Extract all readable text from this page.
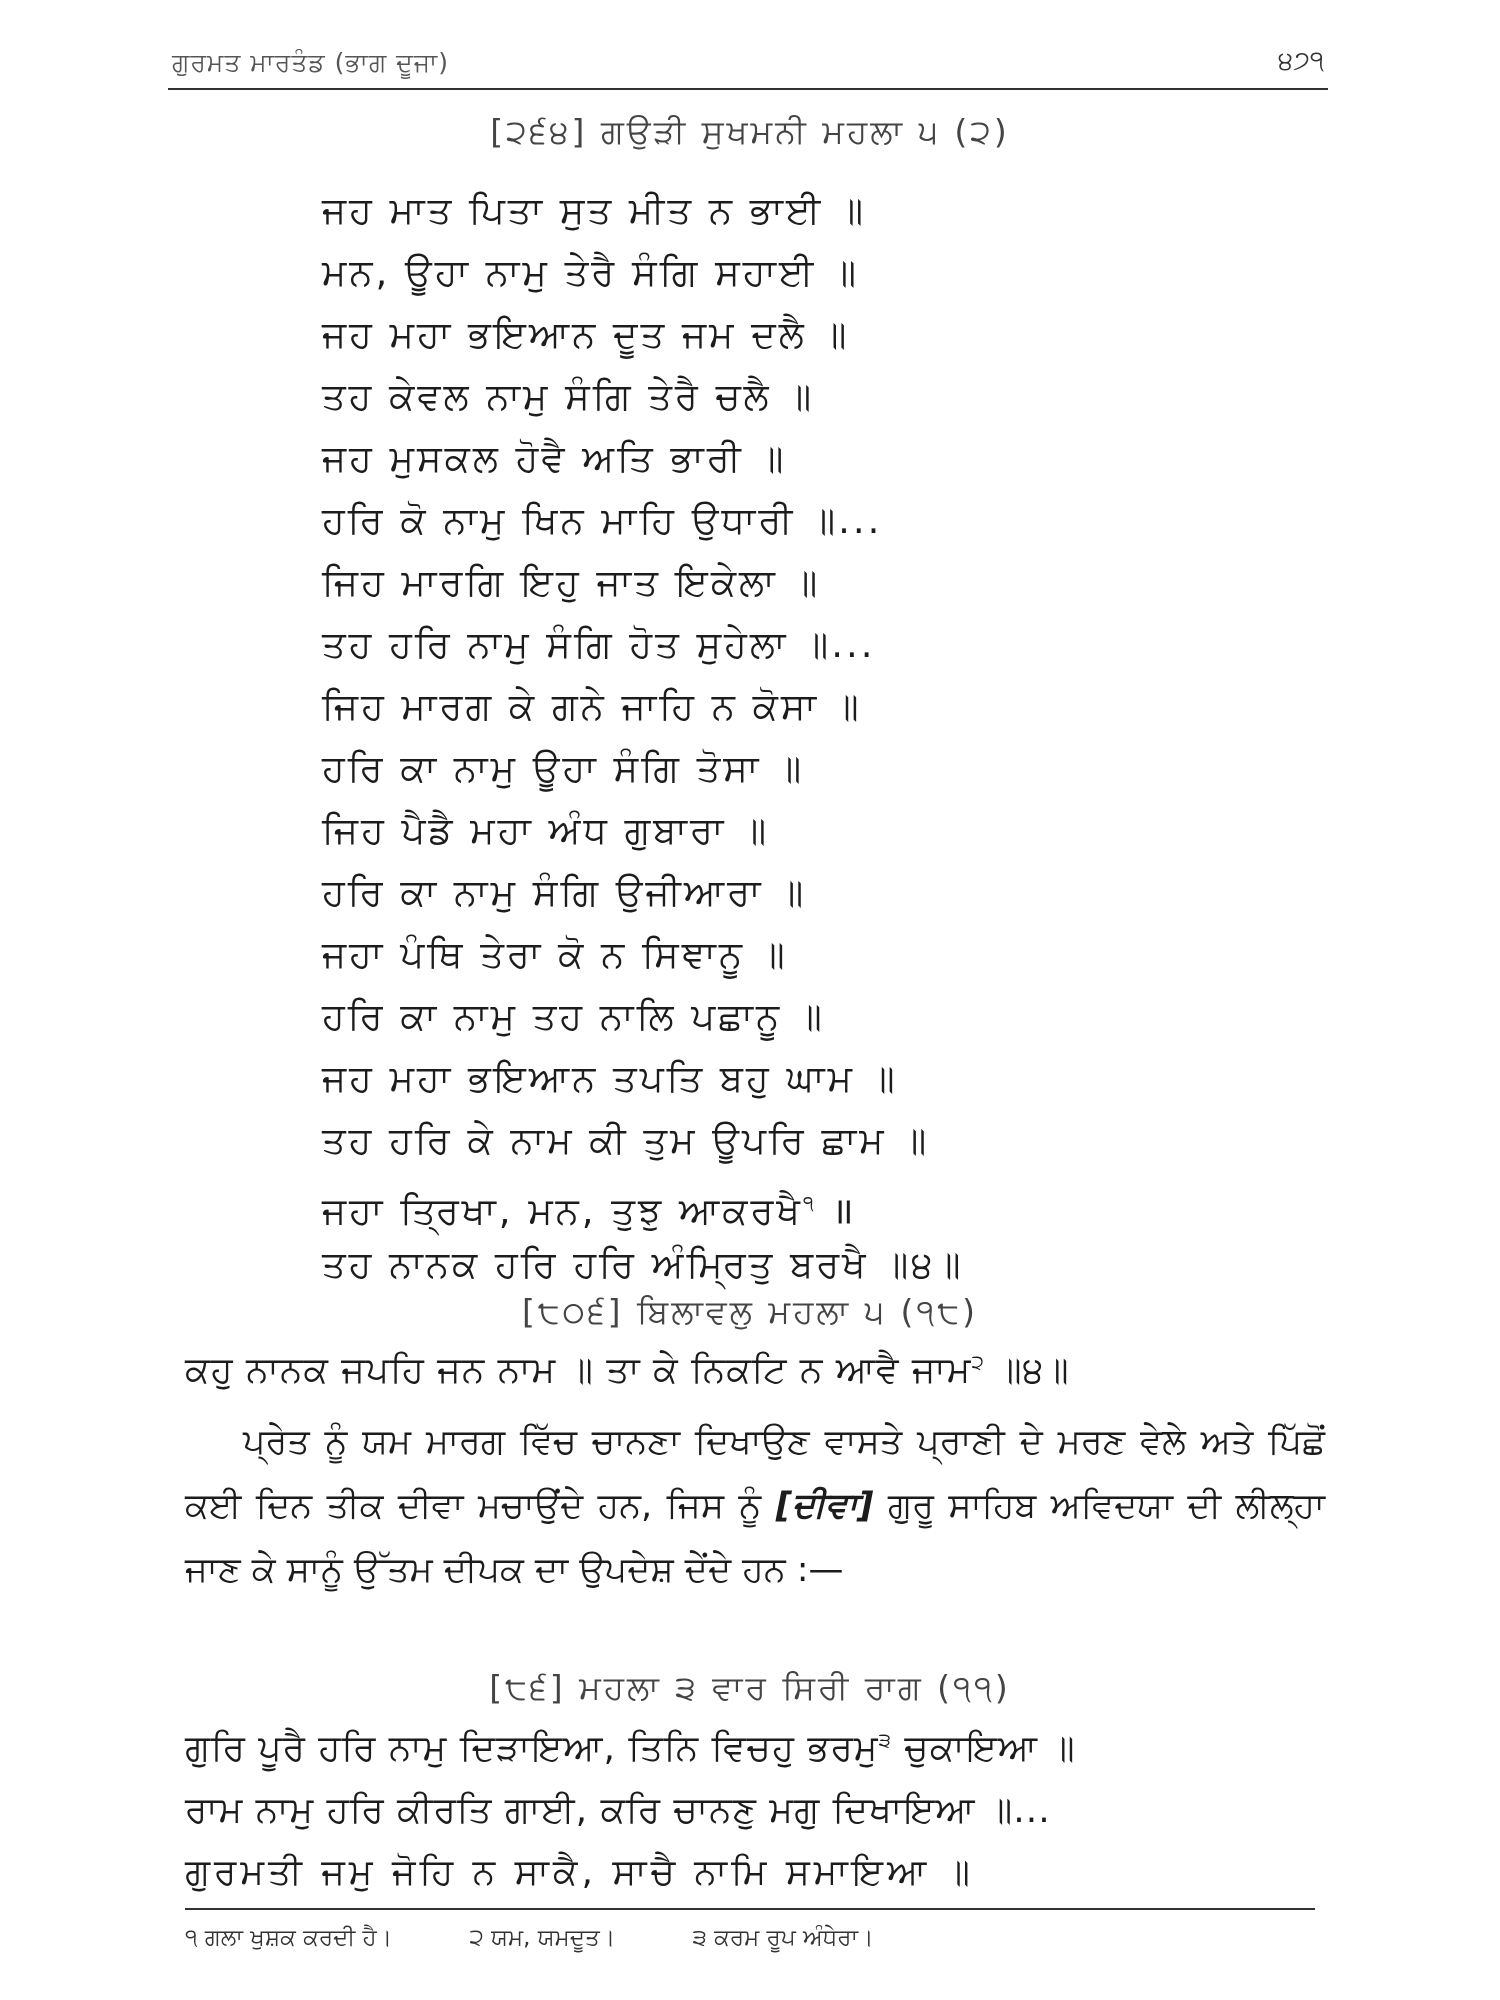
ਗੁਰਮਤ ਮਾਰਤੰਡ (ਭਾਗ ਦੂਜਾ)	੪੭੧
[੨੬੪] ਗਉੜੀ ਸੁਖਮਨੀ ਮਹਲਾ ੫ (੨)
ਜਹ ਮਾਤ ਪਿਤਾ ਸੁਤ ਮੀਤ ਨ ਭਾਈ ॥
ਮਨ, ਊਹਾ ਨਾਮੁ ਤੇਰੈ ਸੰਗਿ ਸਹਾਈ ॥
ਜਹ ਮਹਾ ਭਇਆਨ ਦੂਤ ਜਮ ਦਲੈ ॥
ਤਹ ਕੇਵਲ ਨਾਮੁ ਸੰਗਿ ਤੇਰੈ ਚਲੈ ॥
ਜਹ ਮੁਸਕਲ ਹੋਵੈ ਅਤਿ ਭਾਰੀ ॥
ਹਰਿ ਕੋ ਨਾਮੁ ਖਿਨ ਮਾਹਿ ਉਧਾਰੀ ॥...
ਜਿਹ ਮਾਰਗਿ ਇਹੁ ਜਾਤ ਇਕੇਲਾ ॥
ਤਹ ਹਰਿ ਨਾਮੁ ਸੰਗਿ ਹੋਤ ਸੁਹੇਲਾ ॥...
ਜਿਹ ਮਾਰਗ ਕੇ ਗਨੇ ਜਾਹਿ ਨ ਕੋਸਾ ॥
ਹਰਿ ਕਾ ਨਾਮੁ ਊਹਾ ਸੰਗਿ ਤੋਸਾ ॥
ਜਿਹ ਪੈਡੈ ਮਹਾ ਅੰਧ ਗੁਬਾਰਾ ॥
ਹਰਿ ਕਾ ਨਾਮੁ ਸੰਗਿ ਉਜੀਆਰਾ ॥
ਜਹਾ ਪੰਥਿ ਤੇਰਾ ਕੋ ਨ ਸਿਞਾਨੂ ॥
ਹਰਿ ਕਾ ਨਾਮੁ ਤਹ ਨਾਲਿ ਪਛਾਨੂ ॥
ਜਹ ਮਹਾ ਭਇਆਨ ਤਪਤਿ ਬਹੁ ਘਾਮ ॥
ਤਹ ਹਰਿ ਕੇ ਨਾਮ ਕੀ ਤੁਮ ਊਪਰਿ ਛਾਮ ॥
ਜਹਾ ਤ੍ਰਿਖਾ, ਮਨ, ਤੁਝੁ ਆਕਰਖੈ$^੧$ ॥
ਤਹ ਨਾਨਕ ਹਰਿ ਹਰਿ ਅੰਮ੍ਰਿਤੁ ਬਰਖੈ ॥੪॥
[੮੦੬] ਬਿਲਾਵਲੁ ਮਹਲਾ ੫ (੧੮)
ਕਹੁ ਨਾਨਕ ਜਪਹਿ ਜਨ ਨਾਮ ॥ ਤਾ ਕੇ ਨਿਕਟਿ ਨ ਆਵੈ ਜਾਮ$^੨$ ॥੪॥
ਪ੍ਰੇਤ ਨੂੰ ਯਮ ਮਾਰਗ ਵਿੱਚ ਚਾਨਣਾ ਦਿਖਾਉਣ ਵਾਸਤੇ ਪ੍ਰਾਣੀ ਦੇ ਮਰਣ ਵੇਲੇ ਅਤੇ ਪਿੱਛੋਂ ਕਈ ਦਿਨ ਤੀਕ ਦੀਵਾ ਮਚਾਉਂਦੇ ਹਨ, ਜਿਸ ਨੂੰ [ਦੀਵਾ] ਗੁਰੂ ਸਾਹਿਬ ਅਵਿਦਯਾ ਦੀ ਲੀਲ੍ਹਾ ਜਾਣ ਕੇ ਸਾਨੂੰ ਉੱਤਮ ਦੀਪਕ ਦਾ ਉਪਦੇਸ਼ ਦੇਂਦੇ ਹਨ :—
[੮੬] ਮਹਲਾ ੩ ਵਾਰ ਸਿਰੀ ਰਾਗ (੧੧)
ਗੁਰਿ ਪੂਰੈ ਹਰਿ ਨਾਮੁ ਦਿੜਾਇਆ, ਤਿਨਿ ਵਿਚਹੁ ਭਰਮੁ$^੩$ ਚੁਕਾਇਆ ॥
ਰਾਮ ਨਾਮੁ ਹਰਿ ਕੀਰਤਿ ਗਾਈ, ਕਰਿ ਚਾਨਣੁ ਮਗੁ ਦਿਖਾਇਆ ॥...
ਗੁਰਮਤੀ ਜਮੁ ਜੋਹਿ ਨ ਸਾਕੈ, ਸਾਚੈ ਨਾਮਿ ਸਮਾਇਆ ॥
੧ ਗਲਾ ਖੁਸ਼ਕ ਕਰਦੀ ਹੈ।	੨ ਯਮ, ਯਮਦੂਤ।	੩ ਕਰਮ ਰੂਪ ਅੰਧੇਰਾ।
